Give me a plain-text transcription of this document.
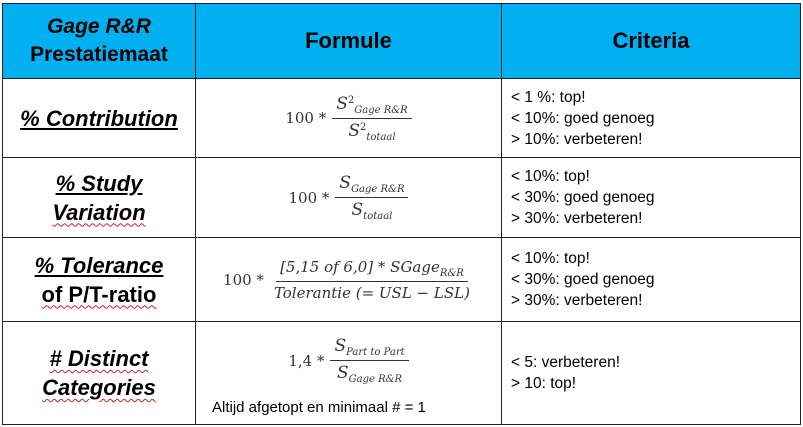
Gage R&R
Prestatiemaat	Formule	Criteria

% Contribution	$100 * \frac{S^2_{Gage R\&R}}{S^2_{totaal}}$	< 1 %: top!
< 10%: goed genoeg
> 10%: verbeteren!

% Study
Variation	$100 * \frac{S_{Gage R\&R}}{S_{totaal}}$	< 10%: top!
< 30%: goed genoeg
> 30%: verbeteren!

% Tolerance
of P/T-ratio	$100 * \frac{[5,15 of 6,0] * SGage_{R\&R}}{\text{Tolerantie (= USL − LSL)}}$	< 10%: top!
< 30%: goed genoeg
> 30%: verbeteren!

# Distinct
Categories	$1,4 * \frac{S_{Part to Part}}{S_{Gage R\&R}}$
Altijd afgetopt en minimaal # = 1	< 5: verbeteren!
> 10: top!
